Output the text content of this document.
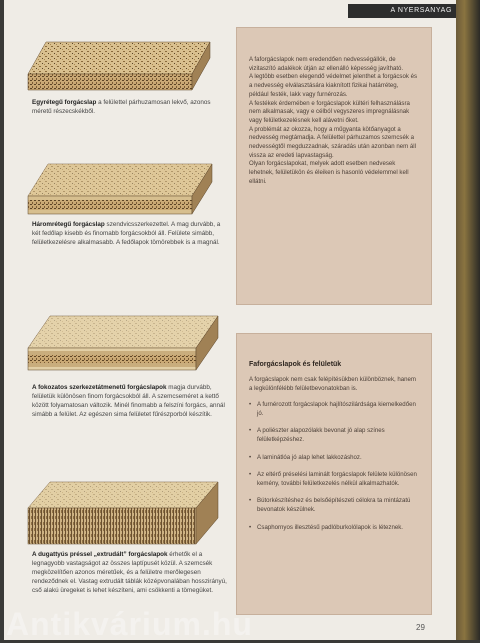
A NYERSANYAG

Egyrétegű forgácslap a felülettel párhuzamosan lekvő, azonos méretű részecskékből.

Háromrétegű forgácslap szendvicsszerkezettel. A mag durvább, a két fedőlap kisebb és finomabb forgácsokból áll. Felülete simább, felületkezelésre alkalmasabb. A fedőlapok tömörebbek is a magnál.

A fokozatos szerkezetátmenetű forgácslapok magja durvább, felületük különösen finom forgácsokból áll. A szemcseméret a kettő között folyamatosan változik. Minél finomabb a felszíni forgács, annál simább a felület. Az egészen sima felületet fűrészporból készítik.

A dugattyús préssel „extrudált” forgácslapok érhetők el a legnagyobb vastagságot az összes laptípusét közül. A szemcsék megközelítően azonos méretűek, és a felületre merőlegesen rendeződnek el. Vastag extrudált táblák középvonalában hosszirányú, cső alakú üregeket is lehet készíteni, ami csökkenti a tömegüket.

A faforgácslapok nem eredendően nedvességállók, de vizitaszító adalékok útján az ellenálló képesség javítható.

A legtöbb esetben elegendő védelmet jelenthet a forgácsok és a nedvesség elválasztására kiaknított fizikai határréteg, például festék, lakk vagy furnérozás.

A festékek érdemében e forgácslapok kültéri felhasználásra nem alkalmasak, vagy e célból vegyszeres impregnálásnak vagy felületkezelésnek kell alávetni őket.

A problémát az okozza, hogy a műgyanta kötőanyagot a nedvesség megtámadja. A felülettel párhuzamos szemcsék a nedvességtől megduzzadnak, száradás után azonban nem áll vissza az eredeti lapvastagság.

Olyan forgácslapokat, melyek adott esetben nedvesek lehetnek, felületükön és éleiken is hasonló védelemmel kell ellátni.

Faforgácslapok és felületük

A forgácslapok nem csak felépítésükben különböznek, hanem a legkülönfélébb felületbevonatokban is.

• A furnérozott forgácslapok hajlítószilárdsága kiemelkedően jó.
• A poliészter alapozólakk bevonat jó alap színes felületképzéshez.
• A laminátlóa jó alap lehet lakkozáshoz.
• Az eltérő préselési laminált forgácslapok felülete különösen kemény, további felületkezelés nélkül alkalmazhatók.
• Bútorkészítéshez és belsőépítészeti célokra ta mintázatú bevonatok készülnek.
• Csaphornyos illesztésű padlóburkolólapok is léteznek.
29
Antikvárium.hu
